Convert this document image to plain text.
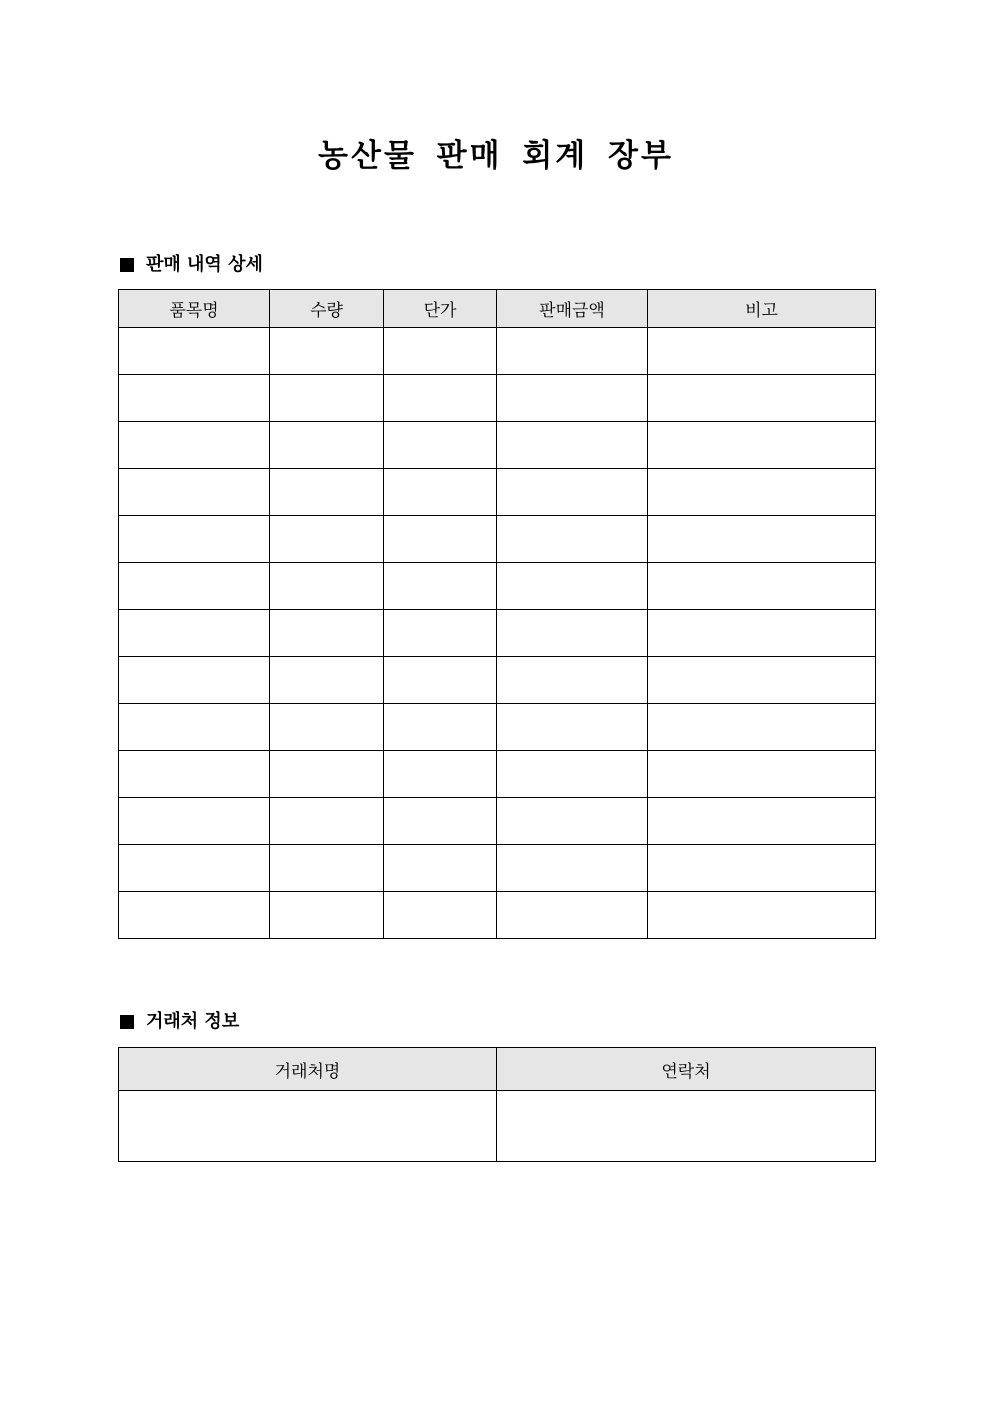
농산물 판매 회계 장부
판매 내역 상세
품목명	수량	단가	판매금액	비고

거래처 정보
거래처명	연락처
